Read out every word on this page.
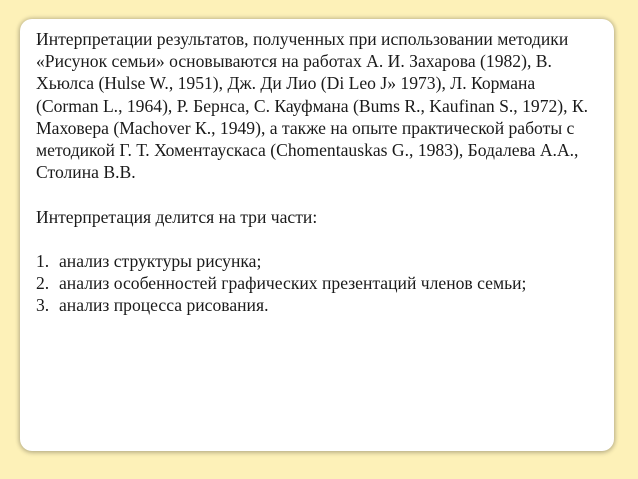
Интерпретации результатов, полученных при использовании методики «Рисунок семьи» основываются на работах А. И. Захарова (1982), В. Хьюлса (Hulse W., 1951), Дж. Ди Лио (Di Leo J» 1973), Л. Кормана (Corman L., 1964), Р. Бернса, С. Кауфмана (Bums R., Kaufinan S., 1972), К. Маховера (Machover К., 1949), а также на опыте практической работы с методикой Г. Т. Хоментаускаса (Chomentauskas G., 1983), Бодалева А.А., Столина В.В.

Интерпретация делится на три части:

1. анализ структуры рисунка;
2. анализ особенностей графических презентаций членов семьи;
3. анализ процесса рисования.
